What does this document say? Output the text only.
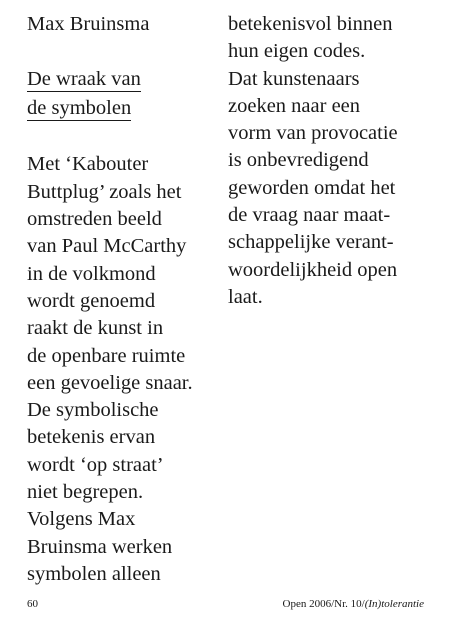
Max Bruinsma
De wraak van
de symbolen
Met ‘Kabouter
Buttplug’ zoals het
omstreden beeld
van Paul McCarthy
in de volkmond
wordt genoemd
raakt de kunst in
de openbare ruimte
een gevoelige snaar.
De symbolische
betekenis ervan
wordt ‘op straat’
niet begrepen.
Volgens Max
Bruinsma werken
symbolen alleen
betekenisvol binnen
hun eigen codes.
Dat kunstenaars
zoeken naar een
vorm van provocatie
is onbevredigend
geworden omdat het
de vraag naar maat-
schappelijke verant-
woordelijkheid open
laat.
60	Open 2006/Nr. 10/(In)tolerantie
